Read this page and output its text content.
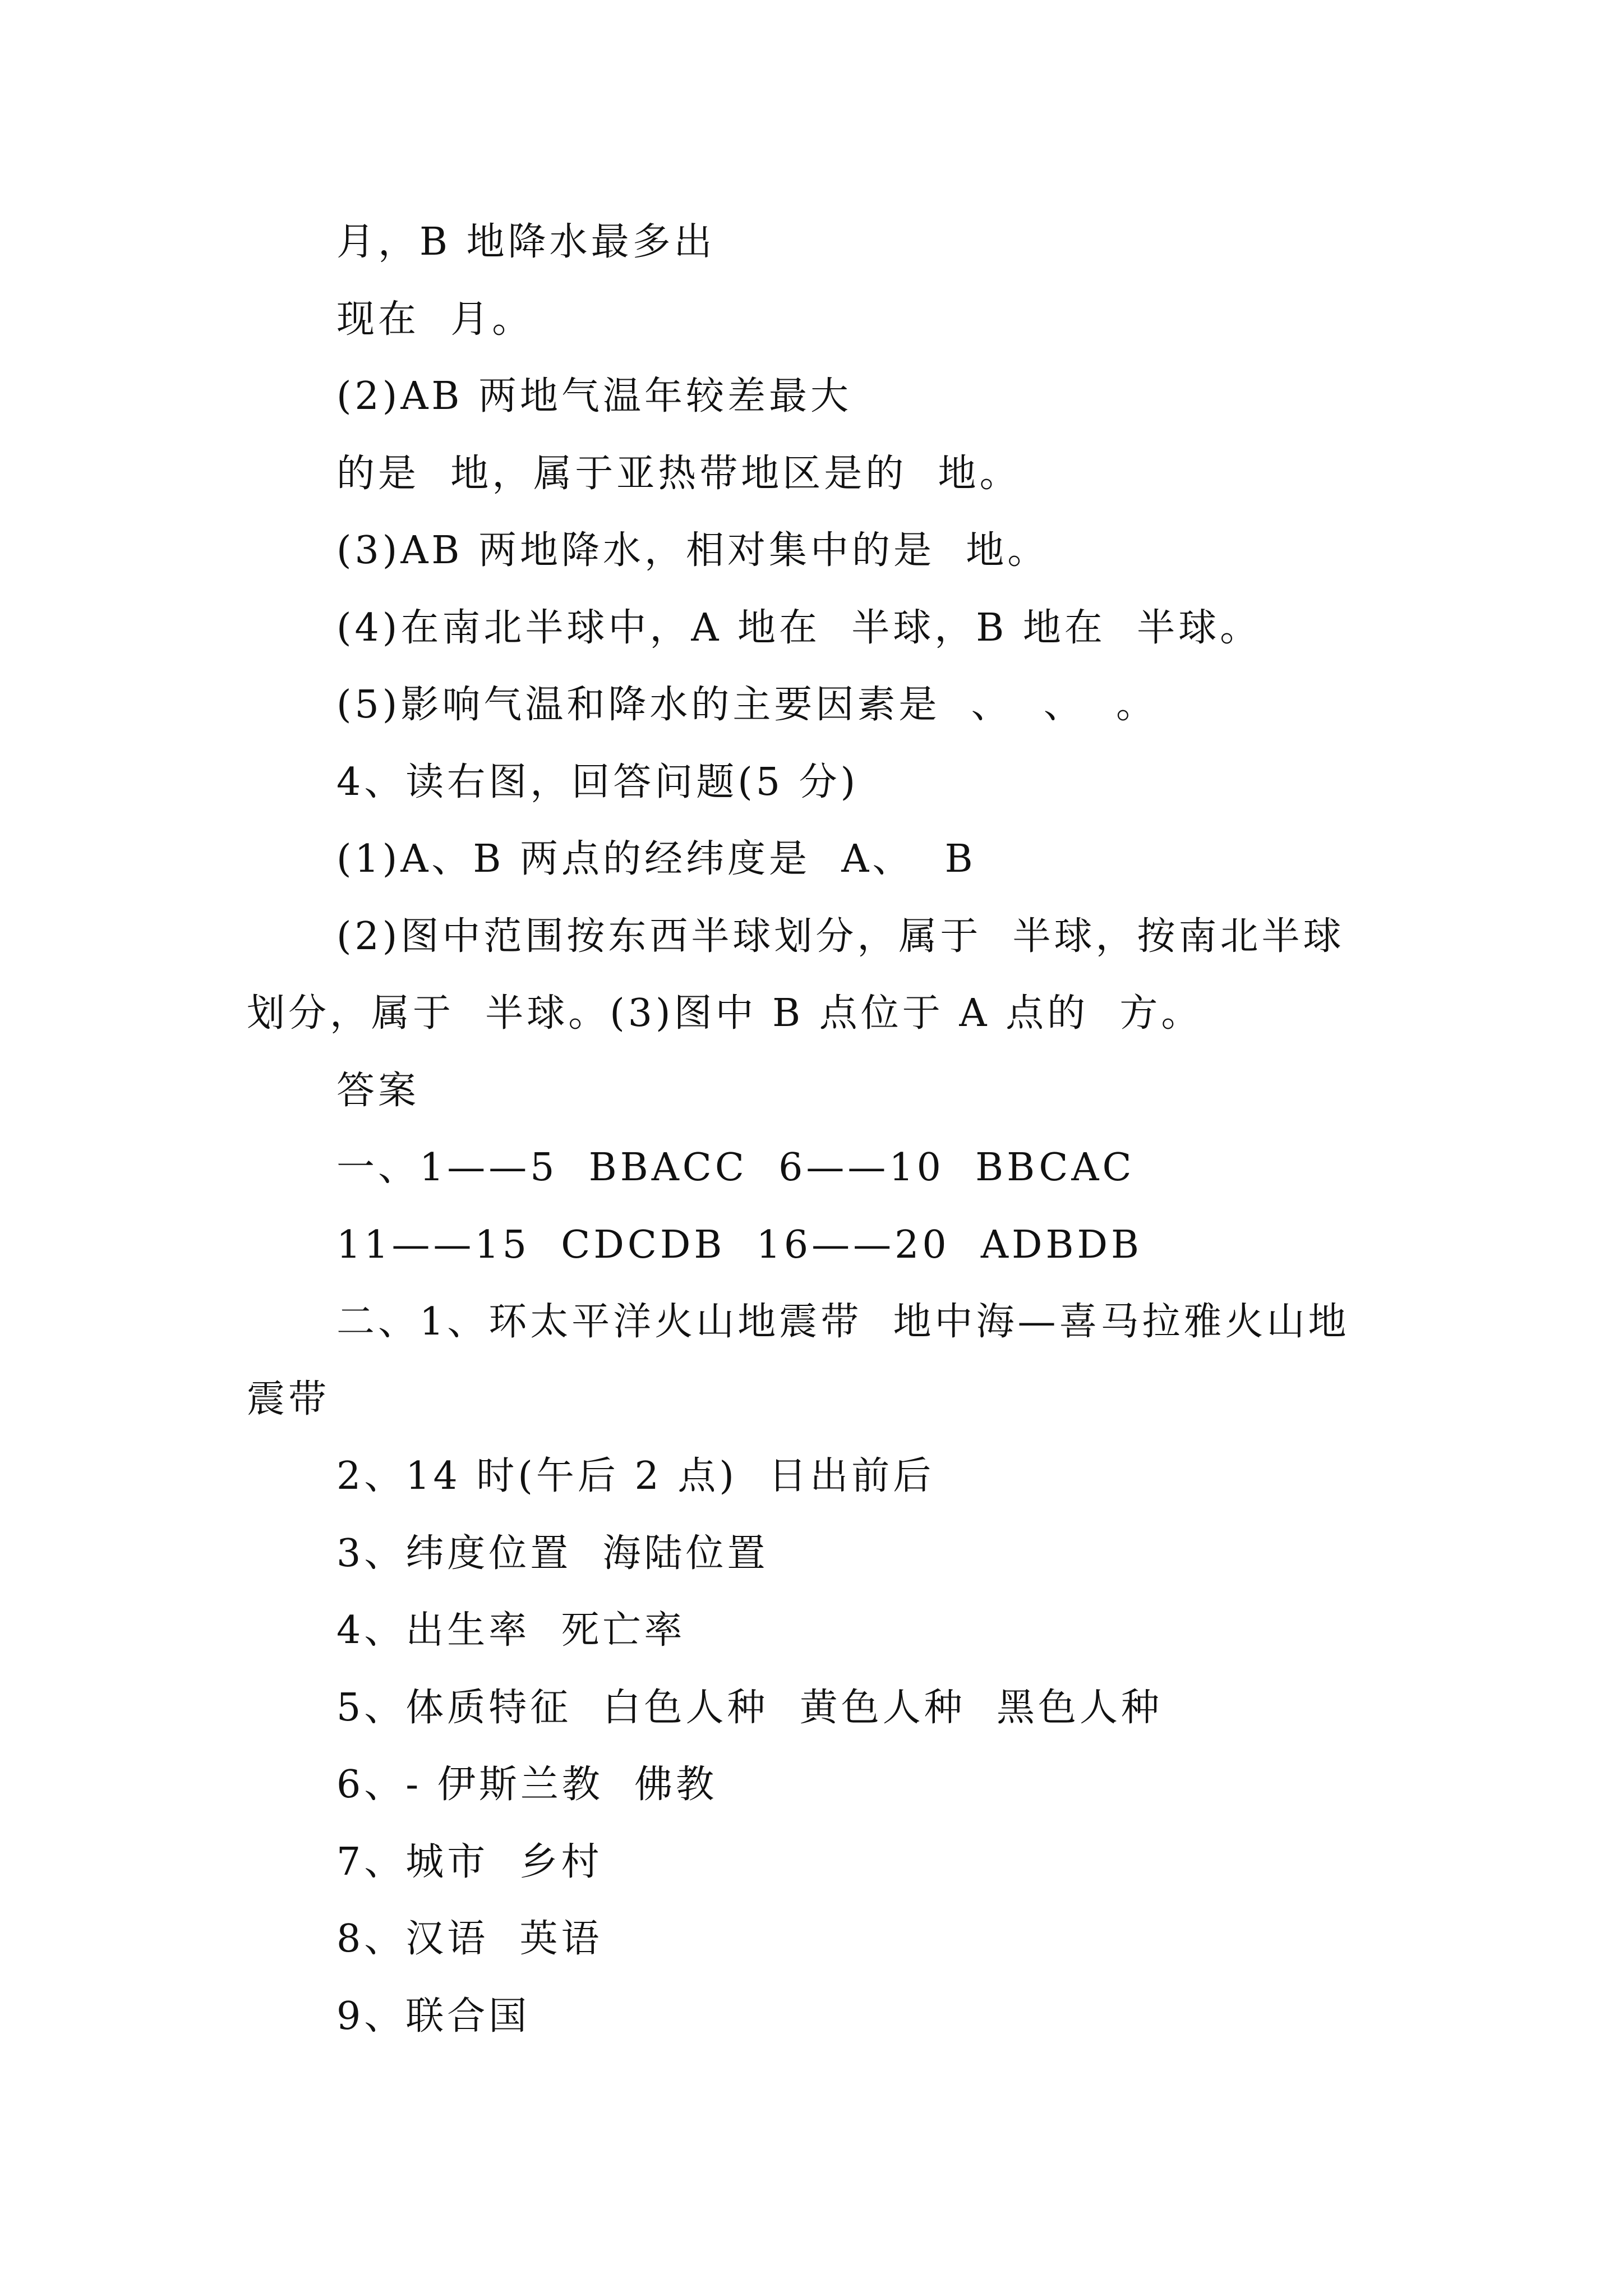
月，B 地降水最多出
现在  月。
(2)AB 两地气温年较差最大
的是  地，属于亚热带地区是的  地。
(3)AB 两地降水，相对集中的是  地。
(4)在南北半球中，A 地在  半球，B 地在  半球。
(5)影响气温和降水的主要因素是  、  、  。
4、读右图，回答问题(5 分)
(1)A、B 两点的经纬度是  A、  B
(2)图中范围按东西半球划分，属于  半球，按南北半球
划分，属于  半球。(3)图中 B 点位于 A 点的  方。
答案
一、1——5  BBACC  6——10  BBCAC
11——15  CDCDB  16——20  ADBDB
二、1、环太平洋火山地震带  地中海—喜马拉雅火山地
震带
2、14 时(午后 2 点)  日出前后
3、纬度位置  海陆位置
4、出生率  死亡率
5、体质特征  白色人种  黄色人种  黑色人种
6、- 伊斯兰教  佛教
7、城市  乡村
8、汉语  英语
9、联合国
